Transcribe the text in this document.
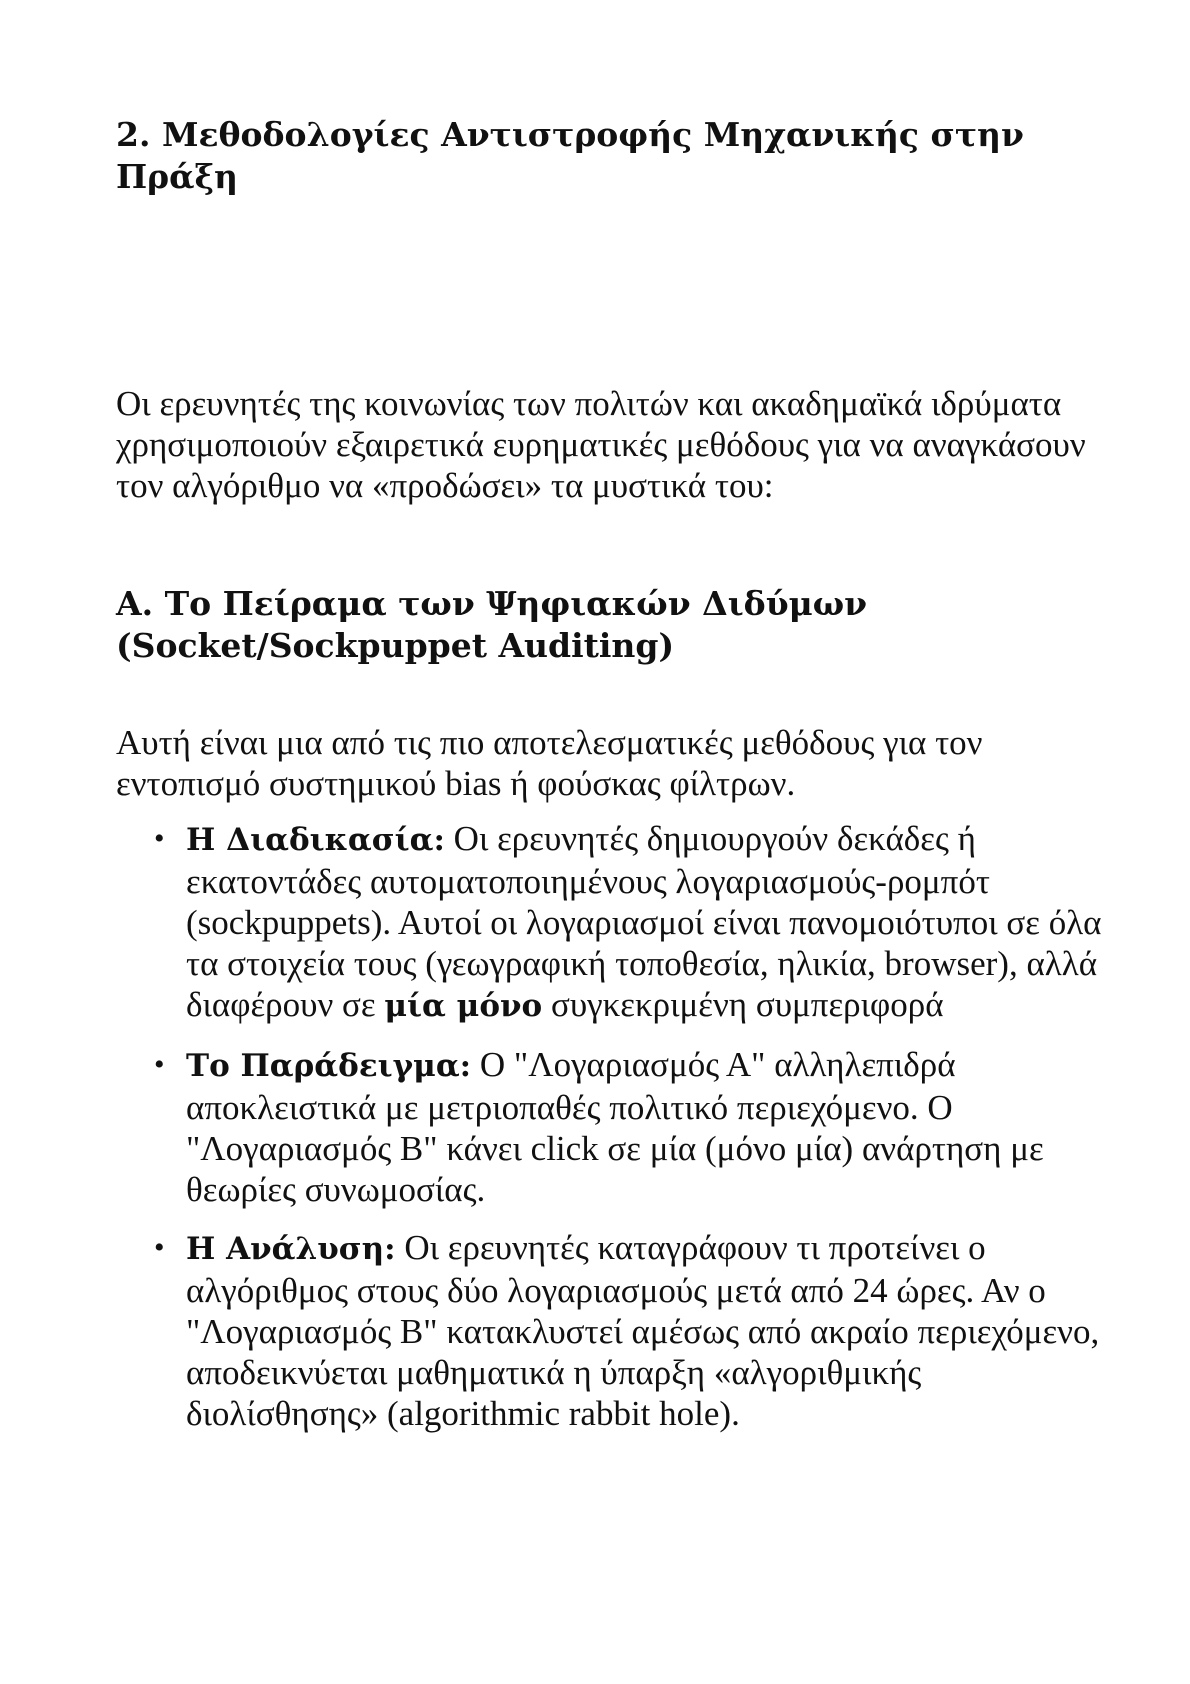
2. Μεθοδολογίες Αντιστροφής Μηχανικής στην Πράξη

Οι ερευνητές της κοινωνίας των πολιτών και ακαδημαϊκά ιδρύματα χρησιμοποιούν εξαιρετικά ευρηματικές μεθόδους για να αναγκάσουν τον αλγόριθμο να «προδώσει» τα μυστικά του:

A. Το Πείραμα των Ψηφιακών Διδύμων (Socket/Sockpuppet Auditing)

Αυτή είναι μια από τις πιο αποτελεσματικές μεθόδους για τον εντοπισμό συστημικού bias ή φούσκας φίλτρων.

• Η Διαδικασία: Οι ερευνητές δημιουργούν δεκάδες ή εκατοντάδες αυτοματοποιημένους λογαριασμούς-ρομπότ (sockpuppets). Αυτοί οι λογαριασμοί είναι πανομοιότυποι σε όλα τα στοιχεία τους (γεωγραφική τοποθεσία, ηλικία, browser), αλλά διαφέρουν σε μία μόνο συγκεκριμένη συμπεριφορά
• Το Παράδειγμα: Ο "Λογαριασμός Α" αλληλεπιδρά αποκλειστικά με μετριοπαθές πολιτικό περιεχόμενο. Ο "Λογαριασμός Β" κάνει click σε μία (μόνο μία) ανάρτηση με θεωρίες συνωμοσίας.
• Η Ανάλυση: Οι ερευνητές καταγράφουν τι προτείνει ο αλγόριθμος στους δύο λογαριασμούς μετά από 24 ώρες. Αν ο "Λογαριασμός Β" κατακλυστεί αμέσως από ακραίο περιεχόμενο, αποδεικνύεται μαθηματικά η ύπαρξη «αλγοριθμικής διολίσθησης» (algorithmic rabbit hole).
